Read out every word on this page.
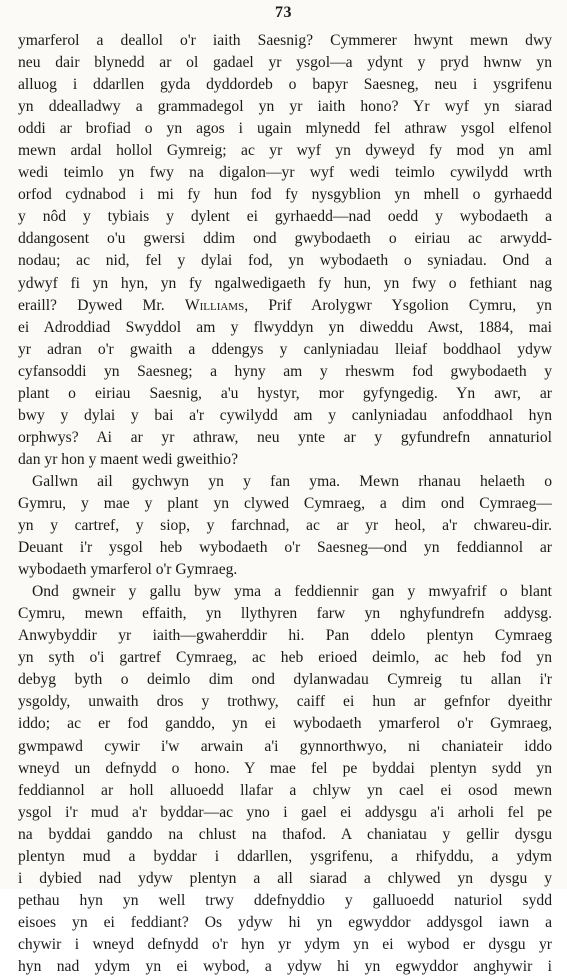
73
ymarferol a deallol o'r iaith Saesnig? Cymmerer hwynt mewn dwy
neu dair blynedd ar ol gadael yr ysgol—a ydynt y pryd hwnw yn
alluog i ddarllen gyda dyddordeb o bapyr Saesneg, neu i ysgrifenu
yn ddealladwy a grammadegol yn yr iaith hono? Yr wyf yn siarad
oddi ar brofiad o yn agos i ugain mlynedd fel athraw ysgol elfenol
mewn ardal hollol Gymreig; ac yr wyf yn dyweyd fy mod yn aml
wedi teimlo yn fwy na digalon—yr wyf wedi teimlo cywilydd wrth
orfod cydnabod i mi fy hun fod fy nysgyblion yn mhell o gyrhaedd
y nôd y tybiais y dylent ei gyrhaedd—nad oedd y wybodaeth a
ddangosent o'u gwersi ddim ond gwybodaeth o eiriau ac arwydd-
nodau; ac nid, fel y dylai fod, yn wybodaeth o syniadau. Ond a
ydwyf fi yn hyn, yn fy ngalwedigaeth fy hun, yn fwy o fethiant nag
eraill? Dywed Mr. Williams, Prif Arolygwr Ysgolion Cymru, yn
ei Adroddiad Swyddol am y flwyddyn yn diweddu Awst, 1884, mai
yr adran o'r gwaith a ddengys y canlyniadau lleiaf boddhaol ydyw
cyfansoddi yn Saesneg; a hyny am y rheswm fod gwybodaeth y
plant o eiriau Saesnig, a'u hystyr, mor gyfyngedig. Yn awr, ar
bwy y dylai y bai a'r cywilydd am y canlyniadau anfoddhaol hyn
orphwys? Ai ar yr athraw, neu ynte ar y gyfundrefn annaturiol
dan yr hon y maent wedi gweithio?
Gallwn ail gychwyn yn y fan yma. Mewn rhanau helaeth o
Gymru, y mae y plant yn clywed Cymraeg, a dim ond Cymraeg—
yn y cartref, y siop, y farchnad, ac ar yr heol, a'r chwareu-dir.
Deuant i'r ysgol heb wybodaeth o'r Saesneg—ond yn feddiannol ar
wybodaeth ymarferol o'r Gymraeg.
Ond gwneir y gallu byw yma a feddiennir gan y mwyafrif o blant
Cymru, mewn effaith, yn llythyren farw yn nghyfundrefn addysg.
Anwybyddir yr iaith—gwaherddir hi. Pan ddelo plentyn Cymraeg
yn syth o'i gartref Cymraeg, ac heb erioed deimlo, ac heb fod yn
debyg byth o deimlo dim ond dylanwadau Cymreig tu allan i'r
ysgoldy, unwaith dros y trothwy, caiff ei hun ar gefnfor dyeithr
iddo; ac er fod ganddo, yn ei wybodaeth ymarferol o'r Gymraeg,
gwmpawd cywir i'w arwain a'i gynnorthwyo, ni chaniateir iddo
wneyd un defnydd o hono. Y mae fel pe byddai plentyn sydd yn
feddiannol ar holl alluoedd llafar a chlyw yn cael ei osod mewn
ysgol i'r mud a'r byddar—ac yno i gael ei addysgu a'i arholi fel pe
na byddai ganddo na chlust na thafod. A chaniatau y gellir dysgu
plentyn mud a byddar i ddarllen, ysgrifenu, a rhifyddu, a ydym
i dybied nad ydyw plentyn a all siarad a chlywed yn dysgu y
pethau hyn yn well trwy ddefnyddio y galluoedd naturiol sydd
eisoes yn ei feddiant? Os ydyw hi yn egwyddor addysgol iawn a
chywir i wneyd defnydd o'r hyn yr ydym yn ei wybod er dysgu yr
hyn nad ydym yn ei wybod, a ydyw hi yn egwyddor anghywir i
